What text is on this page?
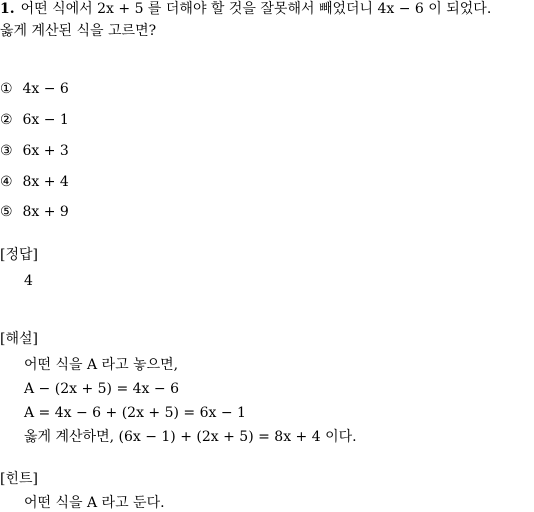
1. 어떤 식에서 2x + 5 를 더해야 할 것을 잘못해서 빼었더니 4x − 6 이 되었다.
옳게 계산된 식을 고르면?
① 4x − 6
② 6x − 1
③ 6x + 3
④ 8x + 4
⑤ 8x + 9
[정답]
4
[해설]
어떤 식을 A 라고 놓으면,
A − (2x + 5) = 4x − 6
A = 4x − 6 + (2x + 5) = 6x − 1
옳게 계산하면, (6x − 1) + (2x + 5) = 8x + 4 이다.
[힌트]
어떤 식을 A 라고 둔다.
